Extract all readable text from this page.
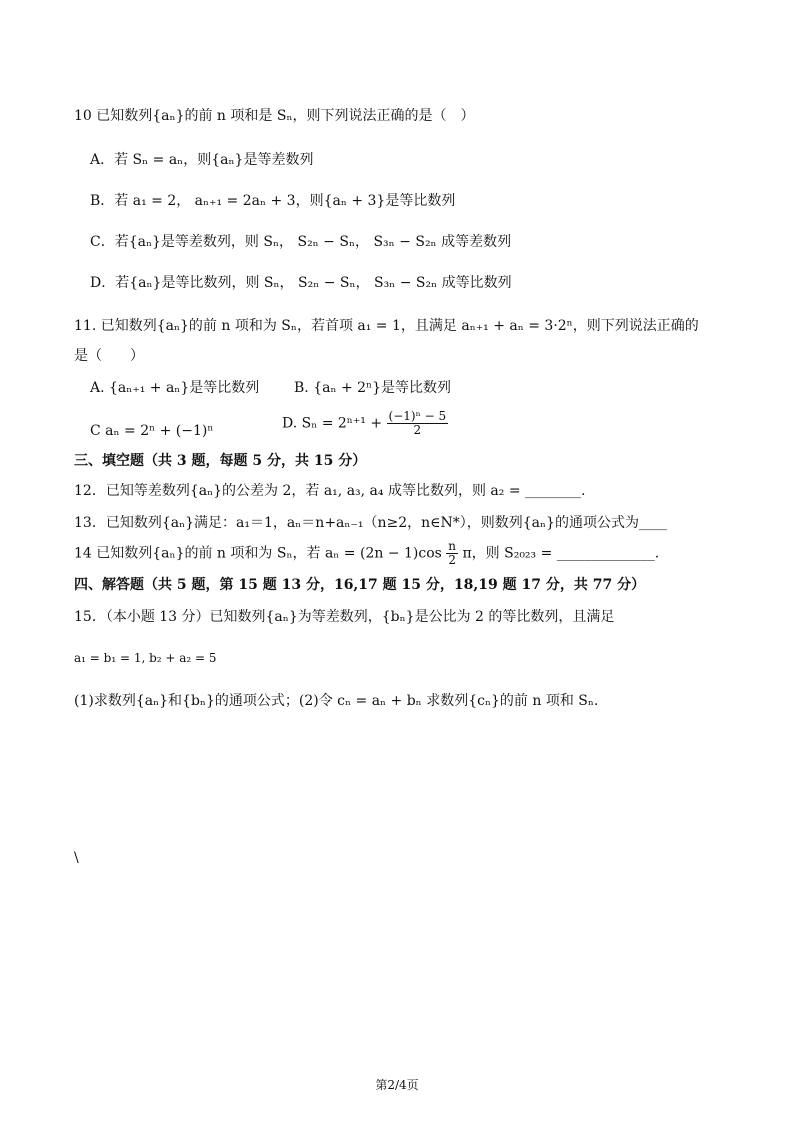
10 已知数列{aₙ}的前 n 项和是 Sₙ，则下列说法正确的是（　）
A．若 Sₙ = aₙ，则{aₙ}是等差数列
B．若 a₁ = 2， aₙ₊₁ = 2aₙ + 3，则{aₙ + 3}是等比数列
C．若{aₙ}是等差数列，则 Sₙ， S₂ₙ − Sₙ， S₃ₙ − S₂ₙ 成等差数列
D．若{aₙ}是等比数列，则 Sₙ， S₂ₙ − Sₙ， S₃ₙ − S₂ₙ 成等比数列
11. 已知数列{aₙ}的前 n 项和为 Sₙ，若首项 a₁ = 1，且满足 aₙ₊₁ + aₙ = 3·2ⁿ，则下列说法正确的
是（　　）
A. {aₙ₊₁ + aₙ}是等比数列 B. {aₙ + 2ⁿ}是等比数列
C aₙ = 2ⁿ + (−1)ⁿ	D. $S_n = 2^{n+1} + \frac{\text{(−1)ⁿ − 5}}{2}$
三、填空题（共 3 题，每题 5 分，共 15 分）
12．已知等差数列{aₙ}的公差为 2，若 a₁, a₃, a₄ 成等比数列，则 a₂ = ________.
13．已知数列{aₙ}满足：a₁＝1，aₙ＝n+aₙ₋₁（n≥2，n∈N*），则数列{aₙ}的通项公式为____
14 已知数列{aₙ}的前 n 项和为 Sₙ，若 $a_n = (2n - 1)\cos \frac{n}{2}$ π，则 S₂₀₂₃ = ______________.
四、解答题（共 5 题，第 15 题 13 分，16,17 题 15 分，18,19 题 17 分，共 77 分）
15．（本小题 13 分）已知数列{aₙ}为等差数列，{bₙ}是公比为 2 的等比数列，且满足
a₁ = b₁ = 1, b₂ + a₂ = 5
(1)求数列{aₙ}和{bₙ}的通项公式；(2)令 cₙ = aₙ + bₙ 求数列{cₙ}的前 n 项和 Sₙ.
\
第2/4页
